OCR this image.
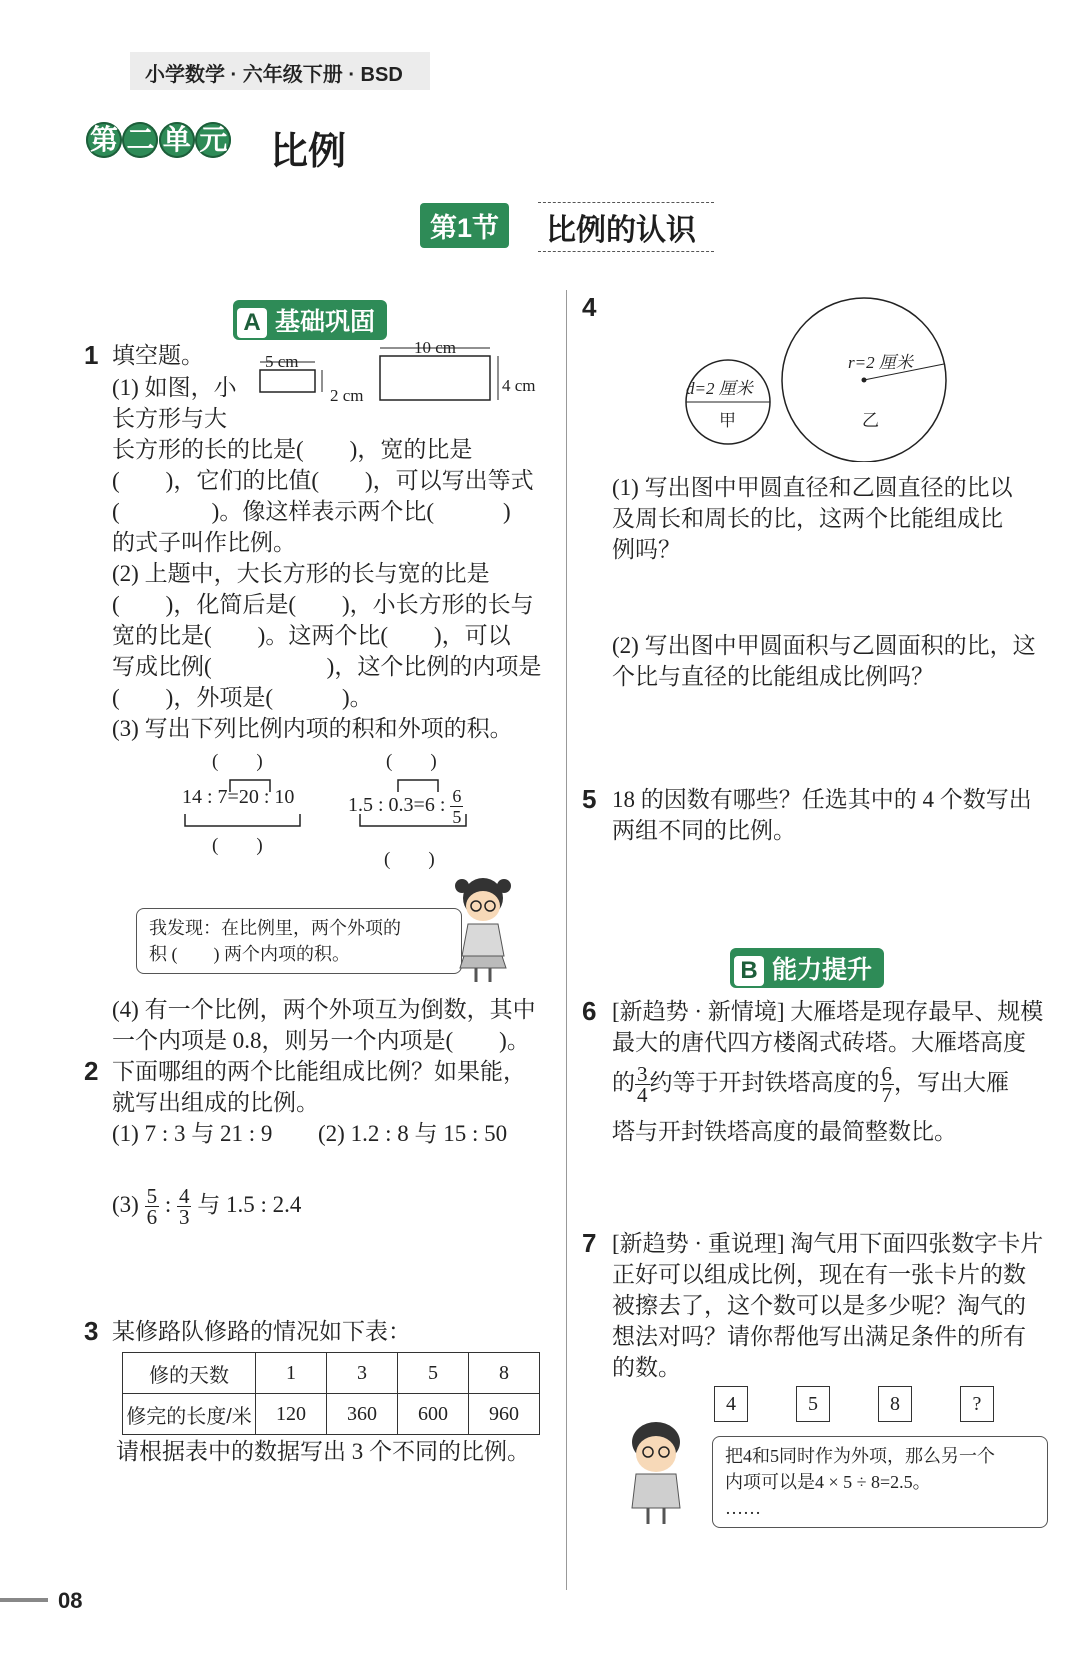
小学数学 · 六年级下册 · BSD
第 二 单 元 比例
第1节	比例的认识
A 基础巩固
1 填空题。
(1) 如图，小
长方形与大
5 cm
2 cm
10 cm
4 cm
长方形的长的比是(　　)，宽的比是
(　　)，它们的比值(　　)，可以写出等式
(　　　　)。像这样表示两个比(　　　)
的式子叫作比例。
(2) 上题中，大长方形的长与宽的比是
(　　)，化简后是(　　)，小长方形的长与
宽的比是(　　)。这两个比(　　)，可以
写成比例(　　　　　)，这个比例的内项是
(　　)，外项是(　　　)。
(3) 写出下列比例内项的积和外项的积。
(　　)	(　　)
14 : 7=20 : 10	1.5 : 0.3=6 : $\frac{6}{5}$
(　　)
(　　)
我发现：在比例里，两个外项的
积 (　　) 两个内项的积。
(4) 有一个比例，两个外项互为倒数，其中
一个内项是 0.8，则另一个内项是(　　)。
2 下面哪组的两个比能组成比例？如果能，
就写出组成的比例。
(1) 7 : 3 与 21 : 9 (2) 1.2 : 8 与 15 : 50
$(3) \frac{5}{6}$ : $\frac{4}{3}$ 与 1.5 : 2.4
3 某修路队修路的情况如下表：
修的天数	1	3	5	8
修完的长度/米	120	360	600	960
请根据表中的数据写出 3 个不同的比例。
4
d=2 厘米
甲
r=2 厘米
乙
(1) 写出图中甲圆直径和乙圆直径的比以
及周长和周长的比，这两个比能组成比
例吗？
(2) 写出图中甲圆面积与乙圆面积的比，这
个比与直径的比能组成比例吗？
5 18 的因数有哪些？任选其中的 4 个数写出
两组不同的比例。
B 能力提升
6 [新趋势 · 新情境] 大雁塔是现存最早、规模
最大的唐代四方楼阁式砖塔。大雁塔高度
的 $\frac{3}{4}$ 约等于开封铁塔高度的 $\frac{6}{7}$ ，写出大雁
塔与开封铁塔高度的最简整数比。
7 [新趋势 · 重说理] 淘气用下面四张数字卡片
正好可以组成比例，现在有一张卡片的数
被擦去了，这个数可以是多少呢？淘气的
想法对吗？请你帮他写出满足条件的所有
的数。
4	5	8	?
把4和5同时作为外项，那么另一个
内项可以是4 × 5 ÷ 8=2.5。
……
08
